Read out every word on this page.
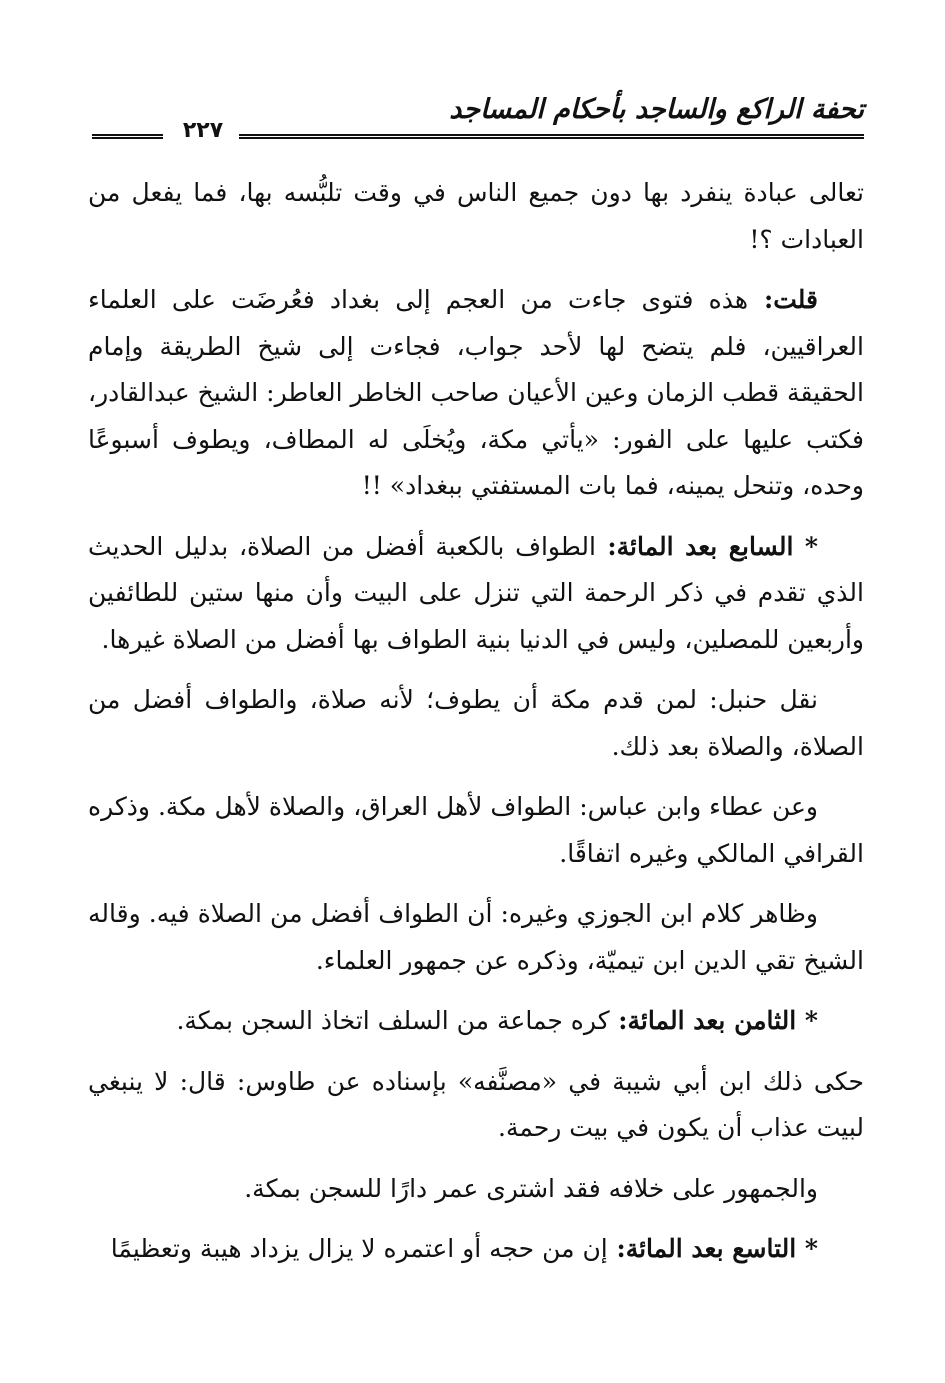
تحفة الراكع والساجد بأحكام المساجد
٢٢٧

تعالى عبادة ينفرد بها دون جميع الناس في وقت تلبُّسه بها، فما يفعل من العبادات ؟!

قلت: هذه فتوى جاءت من العجم إلى بغداد فعُرضَت على العلماء العراقيين، فلم يتضح لها لأحد جواب، فجاءت إلى شيخ الطريقة وإمام الحقيقة قطب الزمان وعين الأعيان صاحب الخاطر العاطر: الشيخ عبدالقادر، فكتب عليها على الفور: «يأتي مكة، ويُخلَى له المطاف، ويطوف أسبوعًا وحده، وتنحل يمينه، فما بات المستفتي ببغداد» !!

* السابع بعد المائة: الطواف بالكعبة أفضل من الصلاة، بدليل الحديث الذي تقدم في ذكر الرحمة التي تنزل على البيت وأن منها ستين للطائفين وأربعين للمصلين، وليس في الدنيا بنية الطواف بها أفضل من الصلاة غيرها.

نقل حنبل: لمن قدم مكة أن يطوف؛ لأنه صلاة، والطواف أفضل من الصلاة، والصلاة بعد ذلك.

وعن عطاء وابن عباس: الطواف لأهل العراق، والصلاة لأهل مكة. وذكره القرافي المالكي وغيره اتفاقًا.

وظاهر كلام ابن الجوزي وغيره: أن الطواف أفضل من الصلاة فيه. وقاله الشيخ تقي الدين ابن تيميّة، وذكره عن جمهور العلماء.

* الثامن بعد المائة: كره جماعة من السلف اتخاذ السجن بمكة.

حكى ذلك ابن أبي شيبة في «مصنَّفه» بإسناده عن طاوس: قال: لا ينبغي لبيت عذاب أن يكون في بيت رحمة.

والجمهور على خلافه فقد اشترى عمر دارًا للسجن بمكة.

* التاسع بعد المائة: إن من حجه أو اعتمره لا يزال يزداد هيبة وتعظيمًا
